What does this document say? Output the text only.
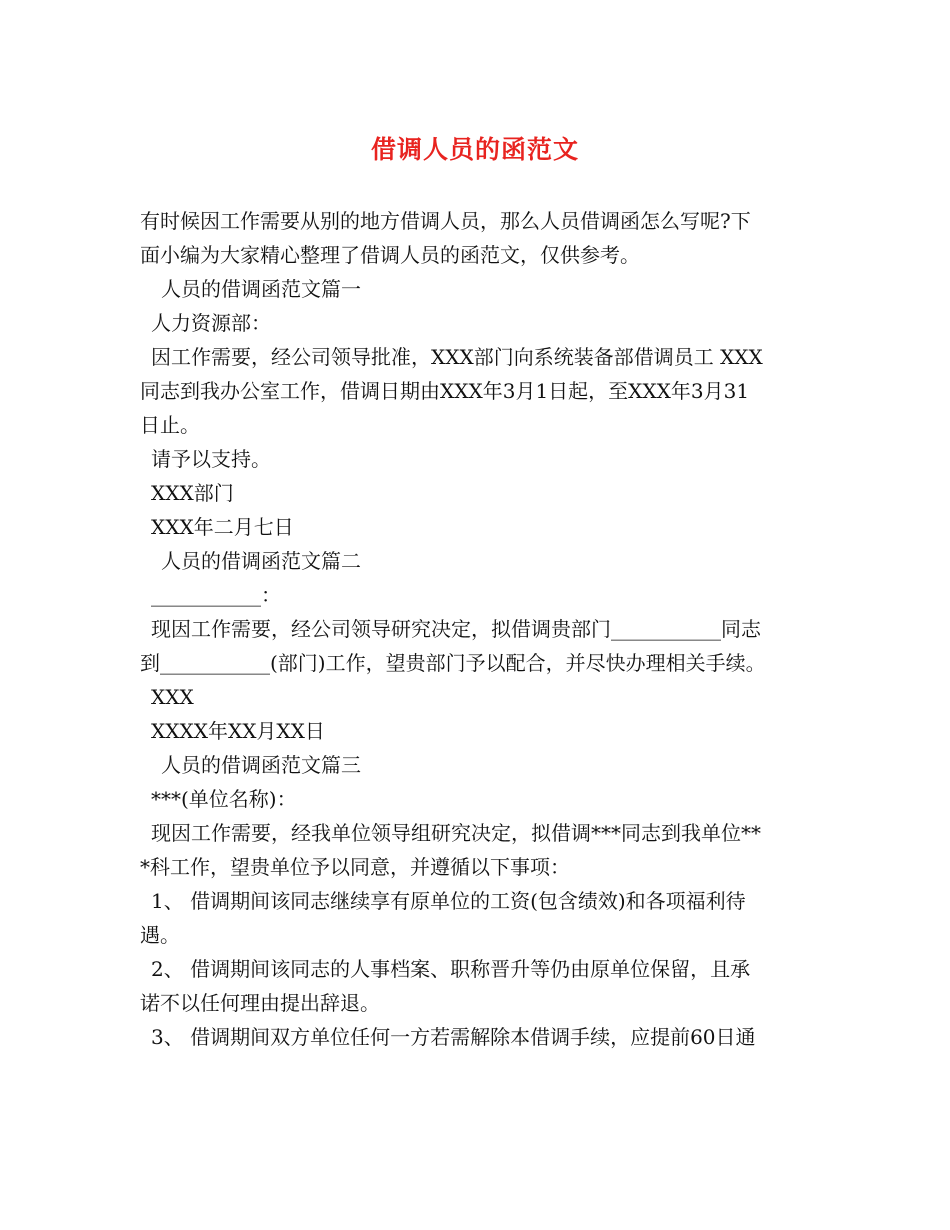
借调人员的函范文
有时候因工作需要从别的地方借调人员，那么人员借调函怎么写呢?下
面小编为大家精心整理了借调人员的函范文，仅供参考。
人员的借调函范文篇一
人力资源部：
因工作需要，经公司领导批准，XXX部门向系统装备部借调员工 XXX
同志到我办公室工作，借调日期由XXX年3月1日起，至XXX年3月31
日止。
请予以支持。
XXX部门
XXX年二月七日
人员的借调函范文篇二
___________：
现因工作需要，经公司领导研究决定，拟借调贵部门___________同志
到___________(部门)工作，望贵部门予以配合，并尽快办理相关手续。
XXX
XXXX年XX月XX日
人员的借调函范文篇三
***(单位名称)：
现因工作需要，经我单位领导组研究决定，拟借调***同志到我单位**
*科工作，望贵单位予以同意，并遵循以下事项：
1、 借调期间该同志继续享有原单位的工资(包含绩效)和各项福利待
遇。
2、 借调期间该同志的人事档案、职称晋升等仍由原单位保留，且承
诺不以任何理由提出辞退。
3、 借调期间双方单位任何一方若需解除本借调手续，应提前60日通
